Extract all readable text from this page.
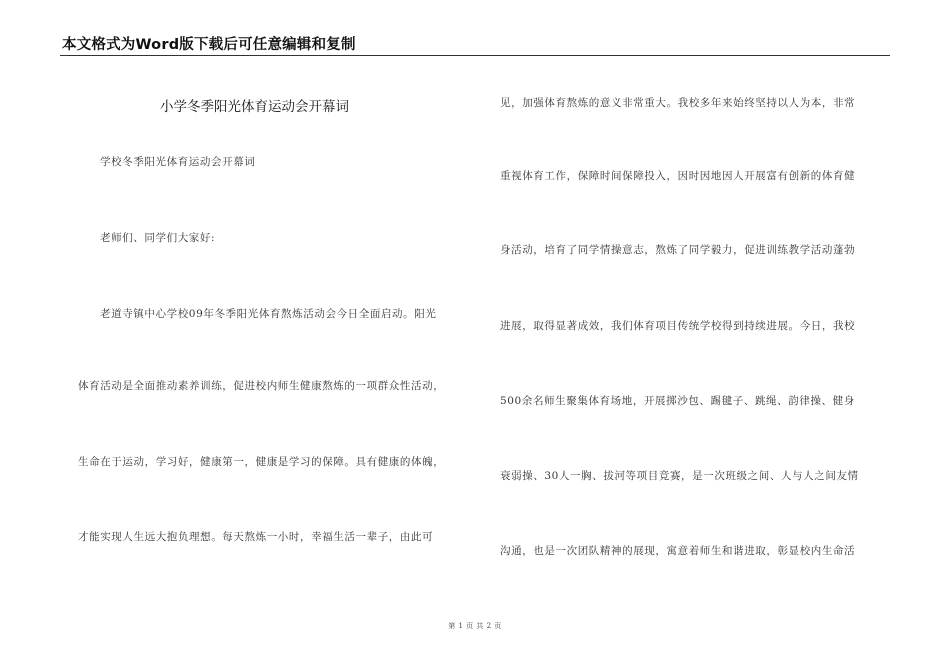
本文格式为Word版下载后可任意编辑和复制
小学冬季阳光体育运动会开幕词
学校冬季阳光体育运动会开幕词
老师们、同学们大家好:
老道寺镇中心学校09年冬季阳光体育熬炼活动会今日全面启动。阳光
体育活动是全面推动素养训练，促进校内师生健康熬炼的一项群众性活动，
生命在于运动，学习好，健康第一，健康是学习的保障。具有健康的体魄，
才能实现人生远大抱负理想。每天熬炼一小时，幸福生活一辈子，由此可
见，加强体育熬炼的意义非常重大。我校多年来始终坚持以人为本，非常
重视体育工作，保障时间保障投入，因时因地因人开展富有创新的体育健
身活动，培育了同学情操意志，熬炼了同学毅力，促进训练教学活动蓬勃
进展，取得显著成效，我们体育项目传统学校得到持续进展。今日，我校
500余名师生聚集体育场地，开展掷沙包、踢毽子、跳绳、韵律操、健身
衰弱操、30人一胸、拔河等项目竞赛，是一次班级之间、人与人之间友情
沟通，也是一次团队精神的展现，寓意着师生和谐进取，彰显校内生命活
第 1 页 共 2 页
